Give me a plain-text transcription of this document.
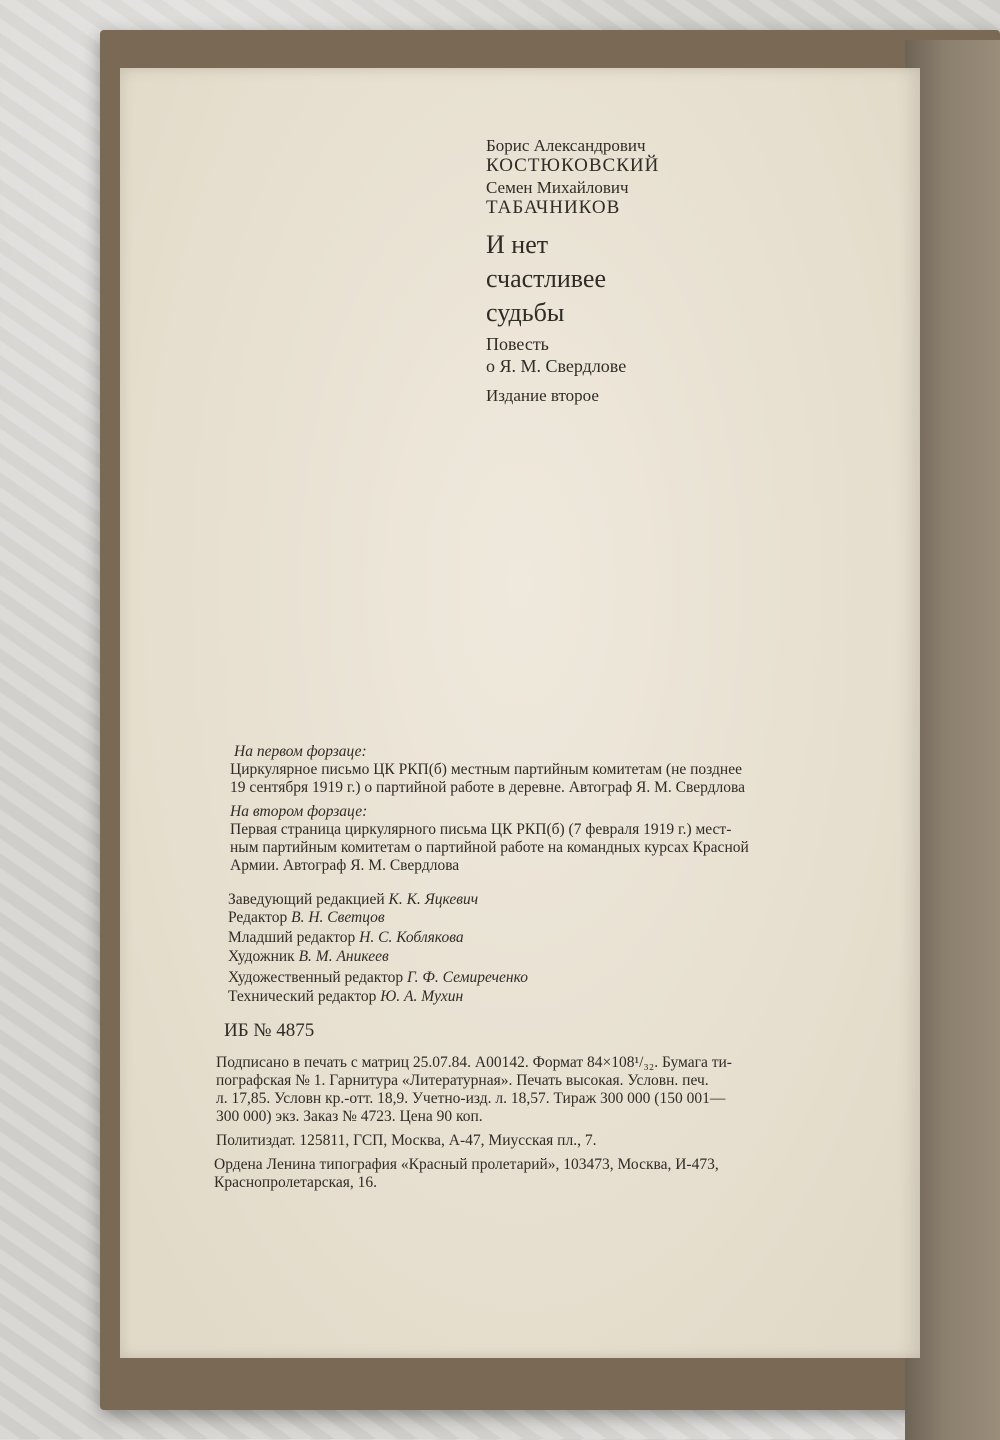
Борис Александрович

КОСТЮКОВСКИЙ

Семен Михайлович

ТАБАЧНИКОВ

И нет

счастливее

судьбы

Повесть

о Я. М. Свердлове

Издание второе

На первом форзаце:

Циркулярное письмо ЦК РКП(б) местным партийным комитетам (не позднее

19 сентября 1919 г.) о партийной работе в деревне. Автограф Я. М. Свердлова

На втором форзаце:

Первая страница циркулярного письма ЦК РКП(б) (7 февраля 1919 г.) мест-

ным партийным комитетам о партийной работе на командных курсах Красной

Армии. Автограф Я. М. Свердлова

Заведующий редакцией К. К. Яцкевич

Редактор В. Н. Светцов

Младший редактор Н. С. Коблякова

Художник В. М. Аникеев

Художественный редактор Г. Ф. Семиреченко

Технический редактор Ю. А. Мухин

ИБ № 4875

Подписано в печать с матриц 25.07.84. А00142. Формат 84×108¹/₃₂. Бумага ти-

пографская № 1. Гарнитура «Литературная». Печать высокая. Условн. печ.

л. 17,85. Условн кр.-отт. 18,9. Учетно-изд. л. 18,57. Тираж 300 000 (150 001—

300 000) экз. Заказ № 4723. Цена 90 коп.

Политиздат. 125811, ГСП, Москва, А-47, Миусская пл., 7.

Ордена Ленина типография «Красный пролетарий», 103473, Москва, И-473,

Краснопролетарская, 16.
